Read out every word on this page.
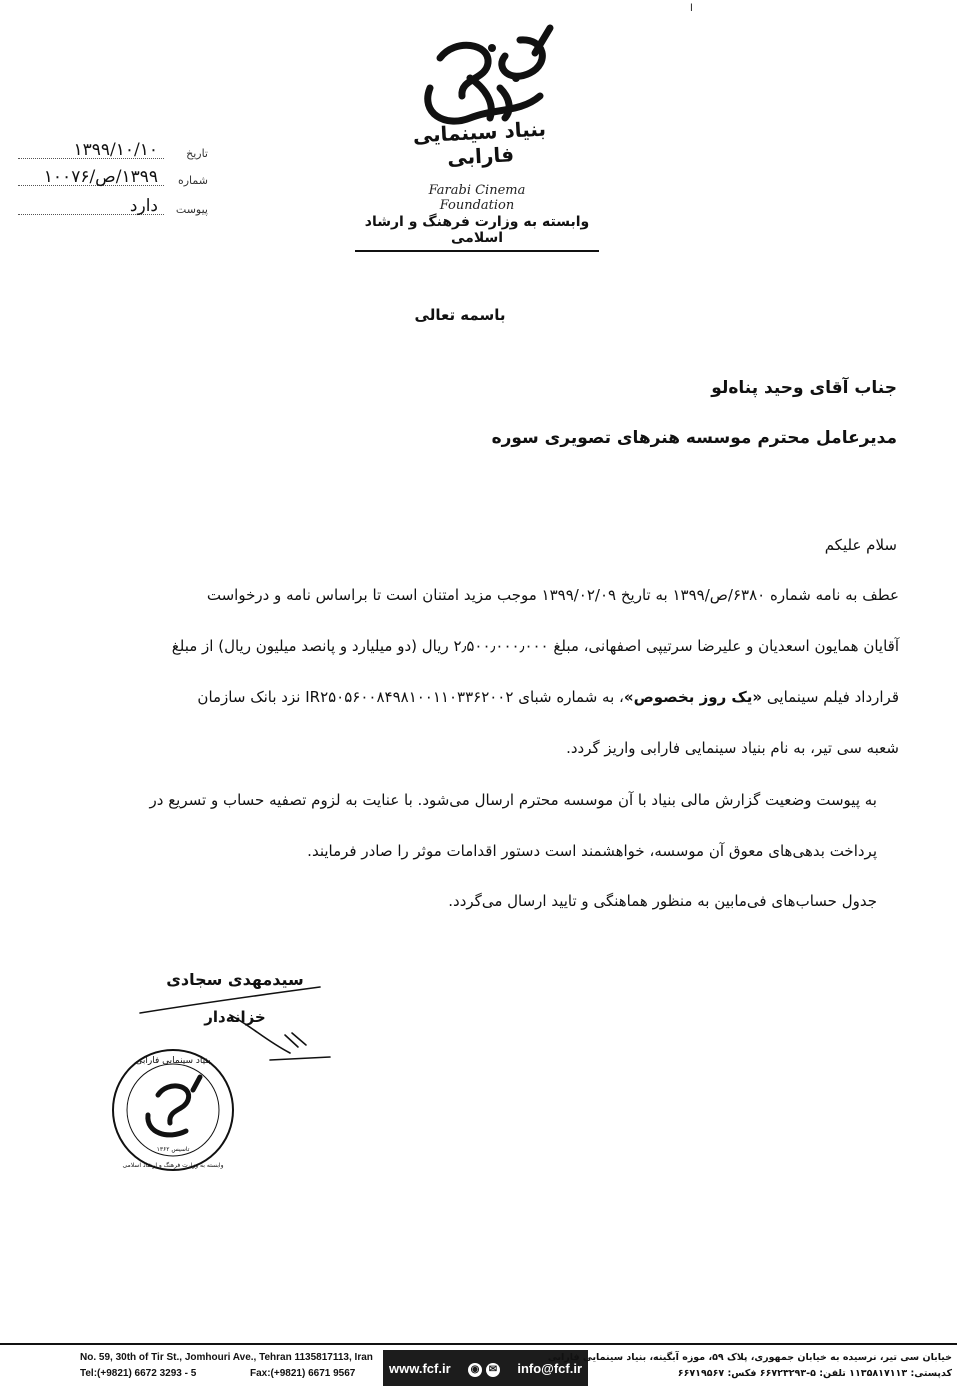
ا
بنیاد سینمایی فارابی
Farabi Cinema Foundation
وابسته به وزارت فرهنگ و ارشاد اسلامی
تاریخ
۱۳۹۹/۱۰/۱۰
شماره
۱۳۹۹/ص/۱۰۰۷۶
پیوست
دارد
باسمه تعالی
جناب آقای وحید پناه‌لو
مدیرعامل محترم موسسه هنرهای تصویری سوره
سلام علیکم
عطف به نامه شماره ۶۳۸۰/ص/۱۳۹۹ به تاریخ ۱۳۹۹/۰۲/۰۹ موجب مزید امتنان است تا براساس نامه و درخواست
آقایان همایون اسعدیان و علیرضا سرتیپی اصفهانی، مبلغ ۲٫۵۰۰٫۰۰۰٫۰۰۰ ریال (دو میلیارد و پانصد میلیون ریال) از مبلغ
قرارداد فیلم سینمایی «یک روز بخصوص»، به شماره شبای IR۲۵۰۵۶۰۰۸۴۹۸۱۰۰۱۱۰۳۳۶۲۰۰۲ نزد بانک سازمان
شعبه سی تیر، به نام بنیاد سینمایی فارابی واریز گردد.
به پیوست وضعیت گزارش مالی بنیاد با آن موسسه محترم ارسال می‌شود. با عنایت به لزوم تصفیه حساب و تسریع در
پرداخت بدهی‌های معوق آن موسسه، خواهشمند است دستور اقدامات موثر را صادر فرمایند.
جدول حساب‌های فی‌مابین به منظور هماهنگی و تایید ارسال می‌گردد.
سیدمهدی سجادی
خزانه‌دار
بنیاد سینمایی فارابی
وابسته به وزارت فرهنگ و ارشاد اسلامی
تاسیس ۱۳۶۲
No. 59, 30th of Tir St., Jomhouri Ave., Tehran 1135817113, Iran
Tel:(+9821) 6672 3293 - 5	Fax:(+9821) 6671 9567	www.fcf.ir	◉ ✉	info@fcf.ir
خیابان سی تیر، نرسیده به خیابان جمهوری، پلاک ۵۹، موزه آبگینه، بنیاد سینمایی فارابی
کدپستی: ۱۱۳۵۸۱۷۱۱۳ تلفن: ۵-۶۶۷۲۳۲۹۳ فکس: ۶۶۷۱۹۵۶۷
